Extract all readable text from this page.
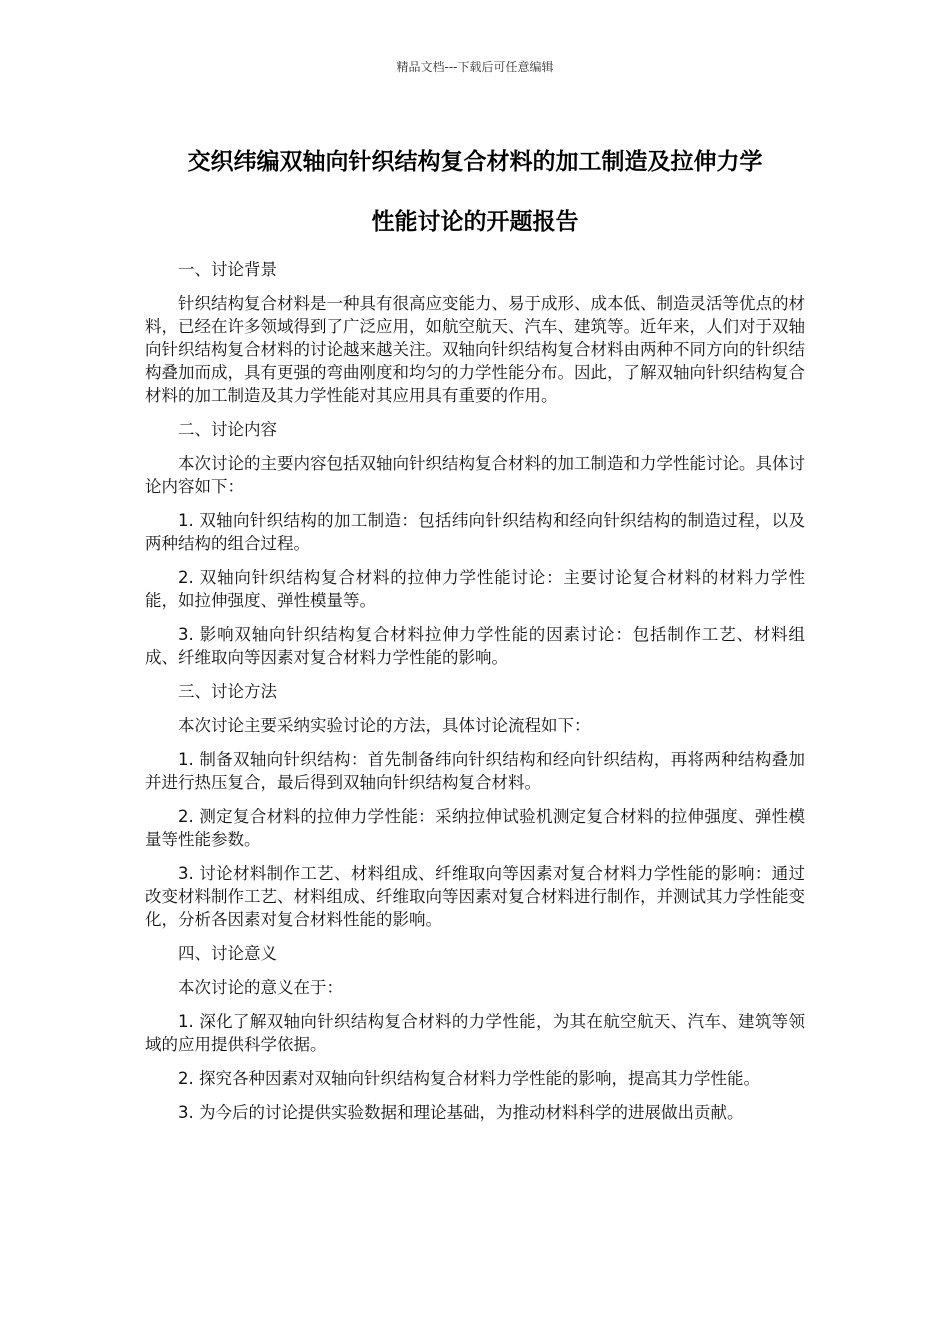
精品文档---下载后可任意编辑
交织纬编双轴向针织结构复合材料的加工制造及拉伸力学
性能讨论的开题报告

一、讨论背景

针织结构复合材料是一种具有很高应变能力、易于成形、成本低、制造灵活等优点的材料，已经在许多领域得到了广泛应用，如航空航天、汽车、建筑等。近年来，人们对于双轴向针织结构复合材料的讨论越来越关注。双轴向针织结构复合材料由两种不同方向的针织结构叠加而成，具有更强的弯曲刚度和均匀的力学性能分布。因此，了解双轴向针织结构复合材料的加工制造及其力学性能对其应用具有重要的作用。

二、讨论内容

本次讨论的主要内容包括双轴向针织结构复合材料的加工制造和力学性能讨论。具体讨论内容如下：

1. 双轴向针织结构的加工制造：包括纬向针织结构和经向针织结构的制造过程，以及两种结构的组合过程。

2. 双轴向针织结构复合材料的拉伸力学性能讨论：主要讨论复合材料的材料力学性能，如拉伸强度、弹性模量等。

3. 影响双轴向针织结构复合材料拉伸力学性能的因素讨论：包括制作工艺、材料组成、纤维取向等因素对复合材料力学性能的影响。

三、讨论方法

本次讨论主要采纳实验讨论的方法，具体讨论流程如下：

1. 制备双轴向针织结构：首先制备纬向针织结构和经向针织结构，再将两种结构叠加并进行热压复合，最后得到双轴向针织结构复合材料。

2. 测定复合材料的拉伸力学性能：采纳拉伸试验机测定复合材料的拉伸强度、弹性模量等性能参数。

3. 讨论材料制作工艺、材料组成、纤维取向等因素对复合材料力学性能的影响：通过改变材料制作工艺、材料组成、纤维取向等因素对复合材料进行制作，并测试其力学性能变化，分析各因素对复合材料性能的影响。

四、讨论意义

本次讨论的意义在于：

1. 深化了解双轴向针织结构复合材料的力学性能，为其在航空航天、汽车、建筑等领域的应用提供科学依据。

2. 探究各种因素对双轴向针织结构复合材料力学性能的影响，提高其力学性能。

3. 为今后的讨论提供实验数据和理论基础，为推动材料科学的进展做出贡献。
